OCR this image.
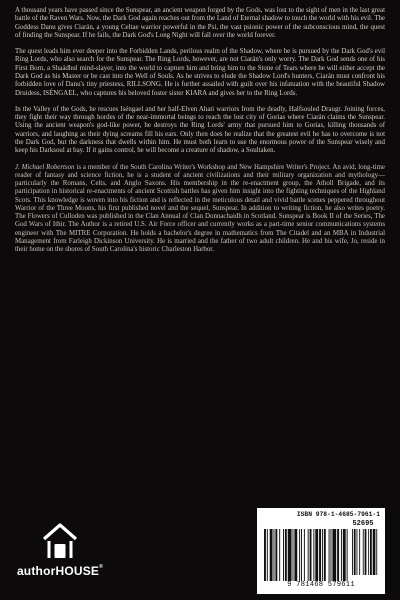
A thousand years have passed since the Sunspear, an ancient weapon forged by the Gods, was lost to the sight of men in the last great battle of the Raven Wars. Now, the Dark God again reaches out from the Land of Eternal shadow to touch the world with his evil. The Goddess Danu gives Ciarán, a young Celtae warrior powerful in the Psi, the vast psionic power of the subconscious mind, the quest of finding the Sunspear. If he fails, the Dark God's Long Night will fall over the world forever.

The quest leads him ever deeper into the Forbidden Lands, perilous realm of the Shadow, where he is pursued by the Dark God's evil Ring Lords, who also search for the Sunspear. The Ring Lords, however, are not Ciarán's only worry. The Dark God sends one of his First Born, a Shaádhul mind-slayer, into the world to capture him and bring him to the Stone of Tears where he will either accept the Dark God as his Master or be cast into the Well of Souls. As he strives to elude the Shadow Lord's hunters, Ciarán must confront his forbidden love of Danu's tiny priestess, RILLSONG. He is further assailed with guilt over his infatuation with the beautiful Shadow Druidess, ISÉNGAEL, who captures his beloved foster sister KIARA and gives her to the Ring Lords.

In the Valley of the Gods, he rescues Iséngael and her half-Elven Ahati warriors from the deadly, Halfsouled Draugr. Joining forces, they fight their way through hordes of the near-immortal beings to reach the lost city of Gorias where Ciarán claims the Sunspear. Using the ancient weapon's god-like power, he destroys the Ring Lords' army that pursued him to Gorias, killing thousands of warriors, and laughing as their dying screams fill his ears. Only then does he realize that the greatest evil he has to overcome is not the Dark God, but the darkness that dwells within him. He must both learn to use the enormous power of the Sunspear wisely and keep his Darksoul at bay. If it gains control, he will become a creature of shadow, a Soultaken.

J. Michael Robertson is a member of the South Carolina Writer's Workshop and New Hampshire Writer's Project. An avid, long-time reader of fantasy and science fiction, he is a student of ancient civilizations and their military organization and mythology—particularly the Romans, Celts, and Anglo Saxons. His membership in the re-enactment group, the Atholl Brigade, and its participation in historical re-enactments of ancient Scottish battles has given him insight into the fighting techniques of the Highland Scots. This knowledge is woven into his fiction and is reflected in the meticulous detail and vivid battle scenes peppered throughout Warrior of the Three Moons, his first published novel and the sequel, Sunspear. In addition to writing fiction, he also writes poetry. The Flowers of Culloden was published in the Clan Annual of Clan Donnachaidh in Scotland. Sunspear is Book II of the Series, The God Wars of Ithir. The Author is a retired U.S. Air Force officer and currently works as a part-time senior communications systems engineer with The MITRE Corporation. He holds a bachelor's degree in mathematics from The Citadel and an MBA in Industrial Management from Farleigh Dickinson University. He is married and the father of two adult children. He and his wife, Jo, reside in their home on the shores of South Carolina's historic Charleston Harbor.

authorHOUSE®
ISBN 978-1-4685-7961-1
52695
9 781468 579611
